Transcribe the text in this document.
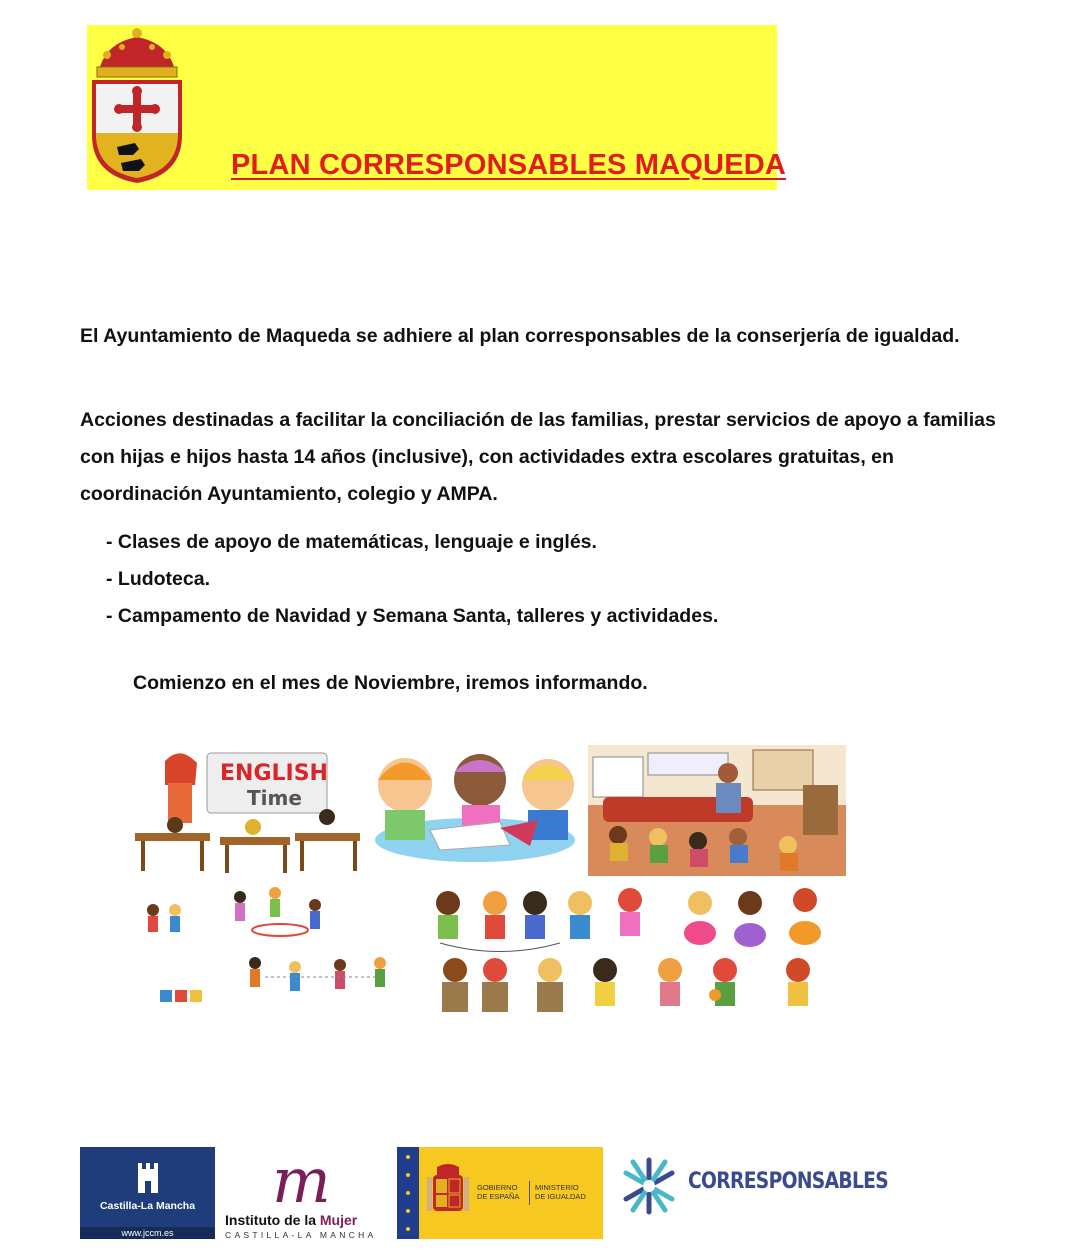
PLAN CORRESPONSABLES MAQUEDA
El Ayuntamiento de Maqueda se adhiere al plan corresponsables de la conserjería de igualdad.
Acciones destinadas a facilitar la conciliación de las familias, prestar servicios de apoyo a familias con hijas e hijos hasta 14 años (inclusive), con actividades extra escolares gratuitas, en coordinación Ayuntamiento, colegio y AMPA.
- Clases de apoyo de matemáticas, lenguaje e inglés.
- Ludoteca.
- Campamento de Navidad y Semana Santa, talleres y actividades.
Comienzo en el mes de Noviembre, iremos informando.
ENGLISH
Time
Castilla-La Mancha
www.jccm.es
m
Instituto de la Mujer
CASTILLA-LA MANCHA
GOBIERNO
DE ESPAÑA
MINISTERIO
DE IGUALDAD
CORRESPONSABLES
